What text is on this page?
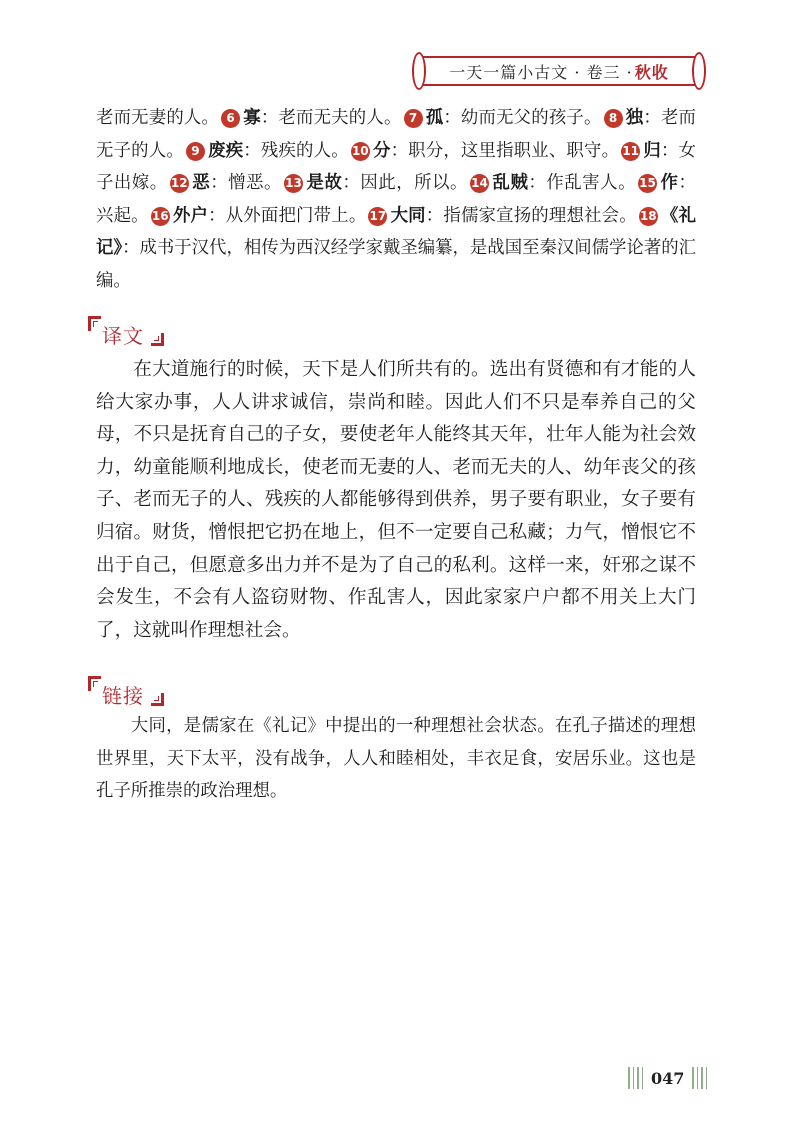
一天一篇小古文 · 卷三 · 秋收

老而无妻的人。 6 寡：老而无夫的人。 7 孤：幼而无父的孩子。 8 独：老而无子的人。 9 废疾：残疾的人。 10 分：职分，这里指职业、职守。 11 归：女子出嫁。 12 恶：憎恶。 13 是故：因此，所以。 14 乱贼：作乱害人。 15 作：兴起。 16 外户：从外面把门带上。 17 大同：指儒家宣扬的理想社会。 18 《礼记》：成书于汉代，相传为西汉经学家戴圣编纂，是战国至秦汉间儒学论著的汇编。

译文

在大道施行的时候，天下是人们所共有的。选出有贤德和有才能的人给大家办事，人人讲求诚信，崇尚和睦。因此人们不只是奉养自己的父母，不只是抚育自己的子女，要使老年人能终其天年，壮年人能为社会效力，幼童能顺利地成长，使老而无妻的人、老而无夫的人、幼年丧父的孩子、老而无子的人、残疾的人都能够得到供养，男子要有职业，女子要有归宿。财货，憎恨把它扔在地上，但不一定要自己私藏；力气，憎恨它不出于自己，但愿意多出力并不是为了自己的私利。这样一来，奸邪之谋不会发生，不会有人盗窃财物、作乱害人，因此家家户户都不用关上大门了，这就叫作理想社会。

链接

大同，是儒家在《礼记》中提出的一种理想社会状态。在孔子描述的理想世界里，天下太平，没有战争，人人和睦相处，丰衣足食，安居乐业。这也是孔子所推崇的政治理想。

047
